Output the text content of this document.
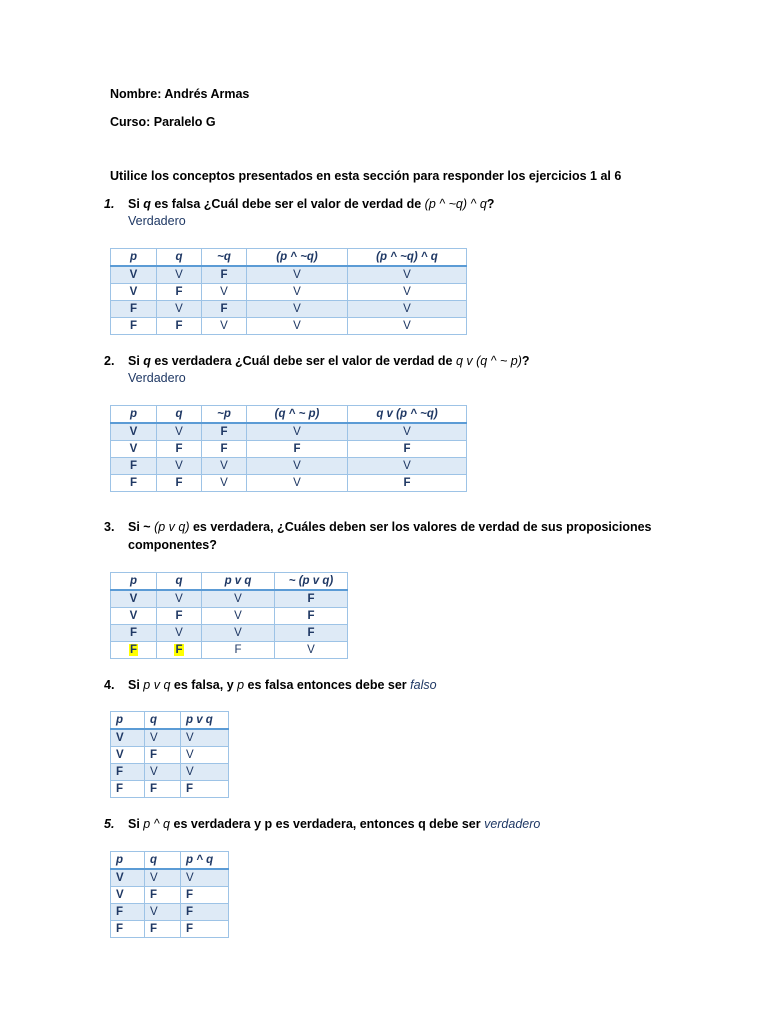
Nombre: Andrés Armas
Curso: Paralelo G
Utilice los conceptos presentados en esta sección para responder los ejercicios 1 al 6
1. Si q es falsa ¿Cuál debe ser el valor de verdad de (p ^ ~q) ^ q?
Verdadero
p	q	~q	(p ^ ~q)	(p ^ ~q) ^ q
V	V	F	V	V
V	F	V	V	V
F	V	F	V	V
F	F	V	V	V
2. Si q es verdadera ¿Cuál debe ser el valor de verdad de q v (q ^ ~ p)?
Verdadero
p	q	~p	(q ^ ~ p)	q v (p ^ ~q)
V	V	F	V	V
V	F	F	F	F
F	V	V	V	V
F	F	V	V	F
3. Si ~ (p v q) es verdadera, ¿Cuáles deben ser los valores de verdad de sus proposiciones
componentes?
p	q	p v q	~ (p v q)
V	V	V	F
V	F	V	F
F	V	V	F
F	F	F	V
4. Si p v q es falsa, y p es falsa entonces debe ser falso
p	q	p v q
V	V	V
V	F	V
F	V	V
F	F	F
5. Si p ^ q es verdadera y p es verdadera, entonces q debe ser verdadero
p	q	p ^ q
V	V	V
V	F	F
F	V	F
F	F	F
